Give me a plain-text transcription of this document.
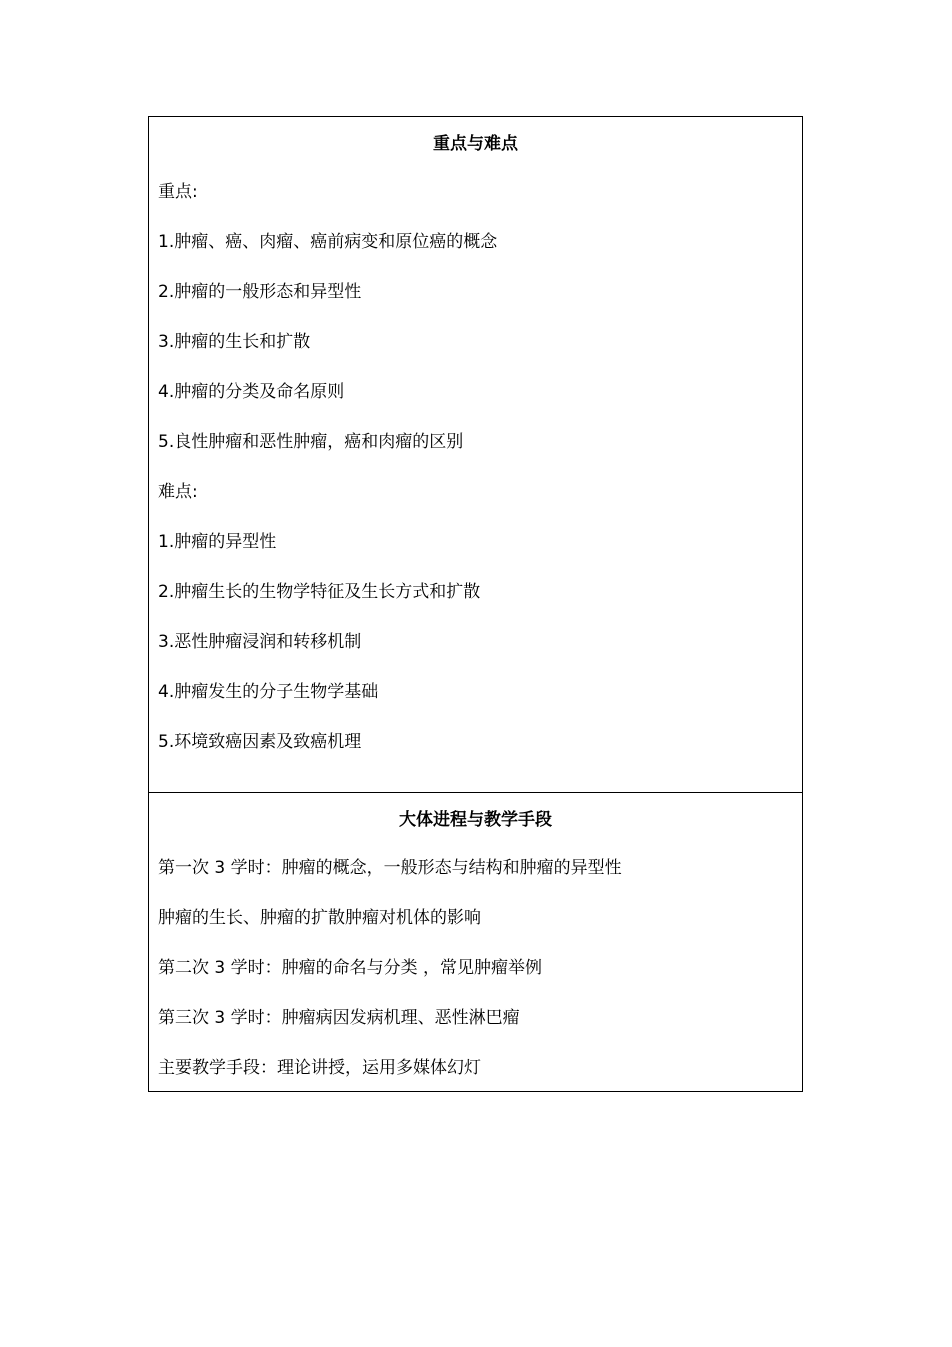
重点与难点
重点:
1.肿瘤、癌、肉瘤、癌前病变和原位癌的概念
2.肿瘤的一般形态和异型性
3.肿瘤的生长和扩散
4.肿瘤的分类及命名原则
5.良性肿瘤和恶性肿瘤，癌和肉瘤的区别
难点:
1.肿瘤的异型性
2.肿瘤生长的生物学特征及生长方式和扩散
3.恶性肿瘤浸润和转移机制
4.肿瘤发生的分子生物学基础
5.环境致癌因素及致癌机理
大体进程与教学手段
第一次 3 学时：肿瘤的概念，一般形态与结构和肿瘤的异型性
肿瘤的生长、肿瘤的扩散肿瘤对机体的影响
第二次 3 学时：肿瘤的命名与分类 ，常见肿瘤举例
第三次 3 学时：肿瘤病因发病机理、恶性淋巴瘤
主要教学手段：理论讲授，运用多媒体幻灯
